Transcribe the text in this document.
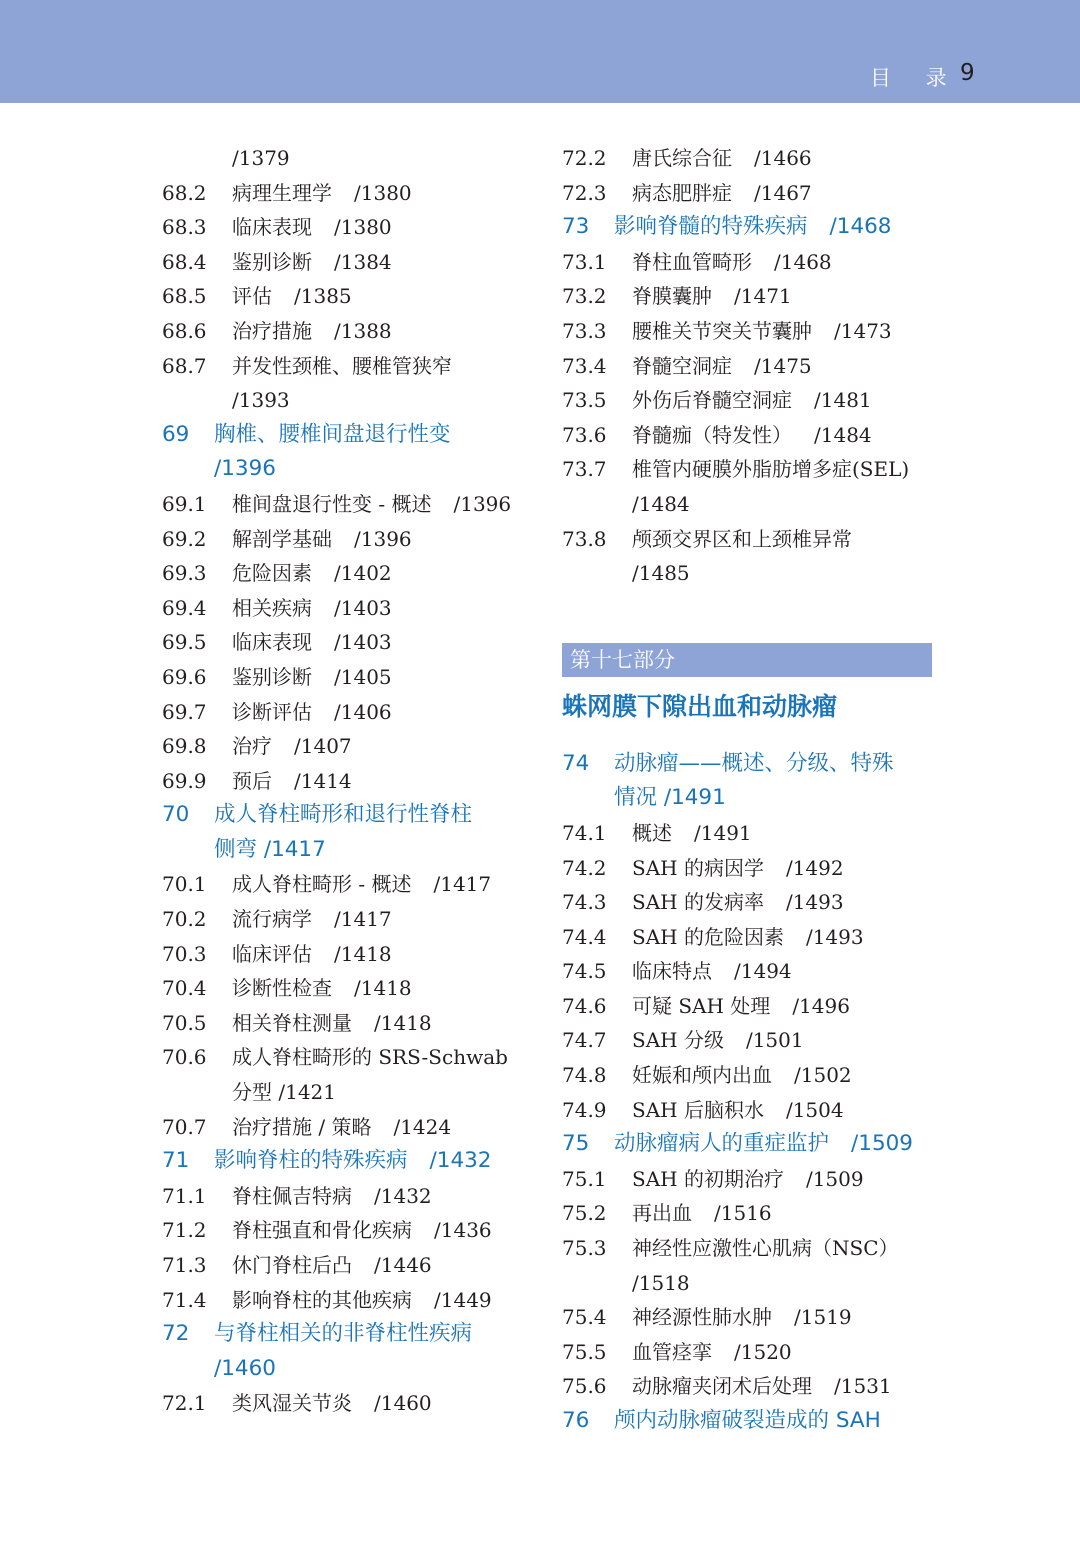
目 录 9
/1379
68.2 病理生理学 /1380
68.3 临床表现 /1380
68.4 鉴别诊断 /1384
68.5 评估 /1385
68.6 治疗措施 /1388
68.7 并发性颈椎、腰椎管狭窄
/1393
69 胸椎、腰椎间盘退行性变
/1396
69.1 椎间盘退行性变 - 概述 /1396
69.2 解剖学基础 /1396
69.3 危险因素 /1402
69.4 相关疾病 /1403
69.5 临床表现 /1403
69.6 鉴别诊断 /1405
69.7 诊断评估 /1406
69.8 治疗 /1407
69.9 预后 /1414
70 成人脊柱畸形和退行性脊柱
侧弯 /1417
70.1 成人脊柱畸形 - 概述 /1417
70.2 流行病学 /1417
70.3 临床评估 /1418
70.4 诊断性检查 /1418
70.5 相关脊柱测量 /1418
70.6 成人脊柱畸形的 SRS-Schwab
分型 /1421
70.7 治疗措施 / 策略 /1424
71 影响脊柱的特殊疾病 /1432
71.1 脊柱佩吉特病 /1432
71.2 脊柱强直和骨化疾病 /1436
71.3 休门脊柱后凸 /1446
71.4 影响脊柱的其他疾病 /1449
72 与脊柱相关的非脊柱性疾病
/1460
72.1 类风湿关节炎 /1460
72.2 唐氏综合征 /1466
72.3 病态肥胖症 /1467
73 影响脊髓的特殊疾病 /1468
73.1 脊柱血管畸形 /1468
73.2 脊膜囊肿 /1471
73.3 腰椎关节突关节囊肿 /1473
73.4 脊髓空洞症 /1475
73.5 外伤后脊髓空洞症 /1481
73.6 脊髓痂（特发性） /1484
73.7 椎管内硬膜外脂肪增多症(SEL)
/1484
73.8 颅颈交界区和上颈椎异常
/1485
第十七部分
蛛网膜下隙出血和动脉瘤
74 动脉瘤——概述、分级、特殊
情况 /1491
74.1 概述 /1491
74.2 SAH 的病因学 /1492
74.3 SAH 的发病率 /1493
74.4 SAH 的危险因素 /1493
74.5 临床特点 /1494
74.6 可疑 SAH 处理 /1496
74.7 SAH 分级 /1501
74.8 妊娠和颅内出血 /1502
74.9 SAH 后脑积水 /1504
75 动脉瘤病人的重症监护 /1509
75.1 SAH 的初期治疗 /1509
75.2 再出血 /1516
75.3 神经性应激性心肌病（NSC）
/1518
75.4 神经源性肺水肿 /1519
75.5 血管痉挛 /1520
75.6 动脉瘤夹闭术后处理 /1531
76 颅内动脉瘤破裂造成的 SAH
